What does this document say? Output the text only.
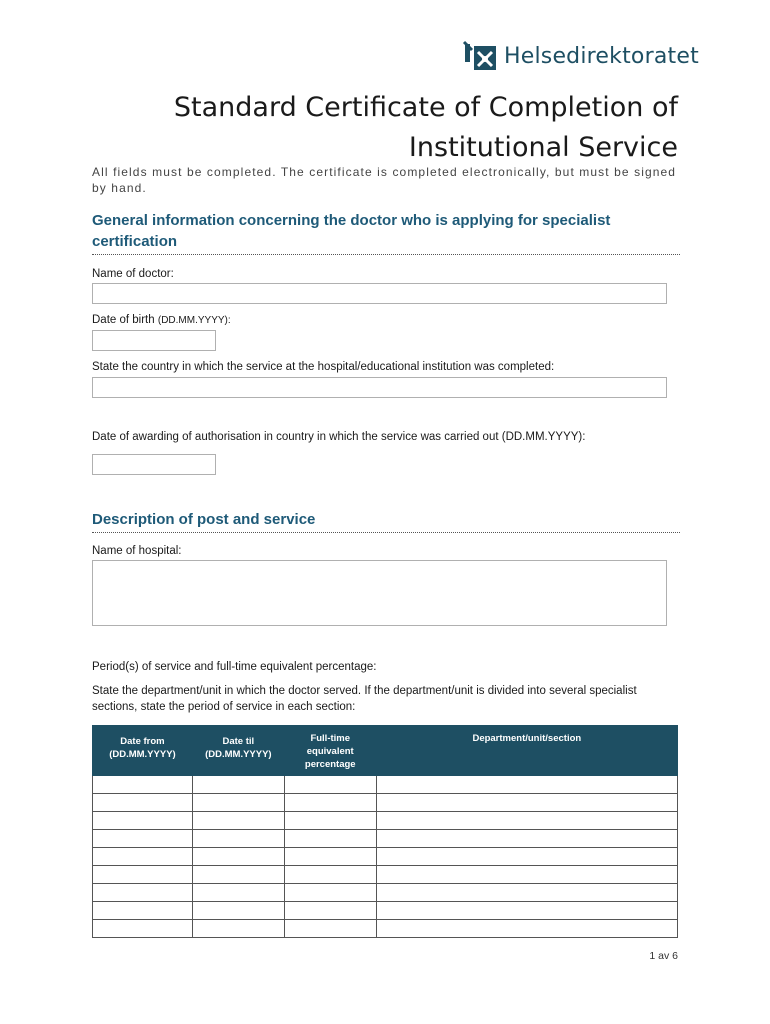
Helsedirektoratet
Standard Certificate of Completion of
Institutional Service

All fields must be completed. The certificate is completed electronically, but must be signed by hand.

General information concerning the doctor who is applying for specialist certification
Name of doctor:
Date of birth (DD.MM.YYYY):
State the country in which the service at the hospital/educational institution was completed:
Date of awarding of authorisation in country in which the service was carried out (DD.MM.YYYY):
Description of post and service
Name of hospital:

Period(s) of service and full-time equivalent percentage:

State the department/unit in which the doctor served. If the department/unit is divided into several specialist sections, state the period of service in each section:

Date from (DD.MM.YYYY)	Date til (DD.MM.YYYY)	Full-time equivalent percentage	Department/unit/section

1 av 6
